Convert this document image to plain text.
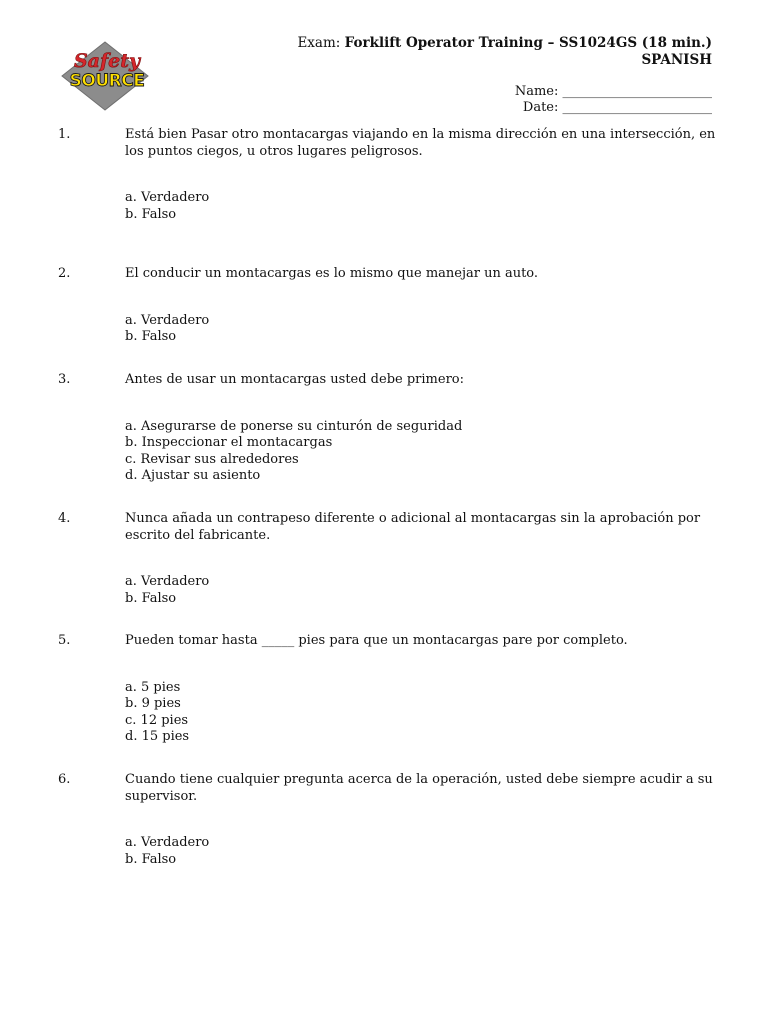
Safety
SOURCE
Exam: Forklift Operator Training – SS1024GS (18 min.)
SPANISH
Name: _______________________
Date: _______________________
1.	Está bien Pasar otro montacargas viajando en la misma dirección en una intersección, en los puntos ciegos, u otros lugares peligrosos.
a. Verdadero
b. Falso
2.	El conducir un montacargas es lo mismo que manejar un auto.
a. Verdadero
b. Falso
3.	Antes de usar un montacargas usted debe primero:
a. Asegurarse de ponerse su cinturón de seguridad
b. Inspeccionar el montacargas
c. Revisar sus alrededores
d. Ajustar su asiento
4.	Nunca añada un contrapeso diferente o adicional al montacargas sin la aprobación por escrito del fabricante.
a. Verdadero
b. Falso
5.	Pueden tomar hasta _____ pies para que un montacargas pare por completo.
a. 5 pies
b. 9 pies
c. 12 pies
d. 15 pies
6.	Cuando tiene cualquier pregunta acerca de la operación, usted debe siempre acudir a su supervisor.
a. Verdadero
b. Falso
